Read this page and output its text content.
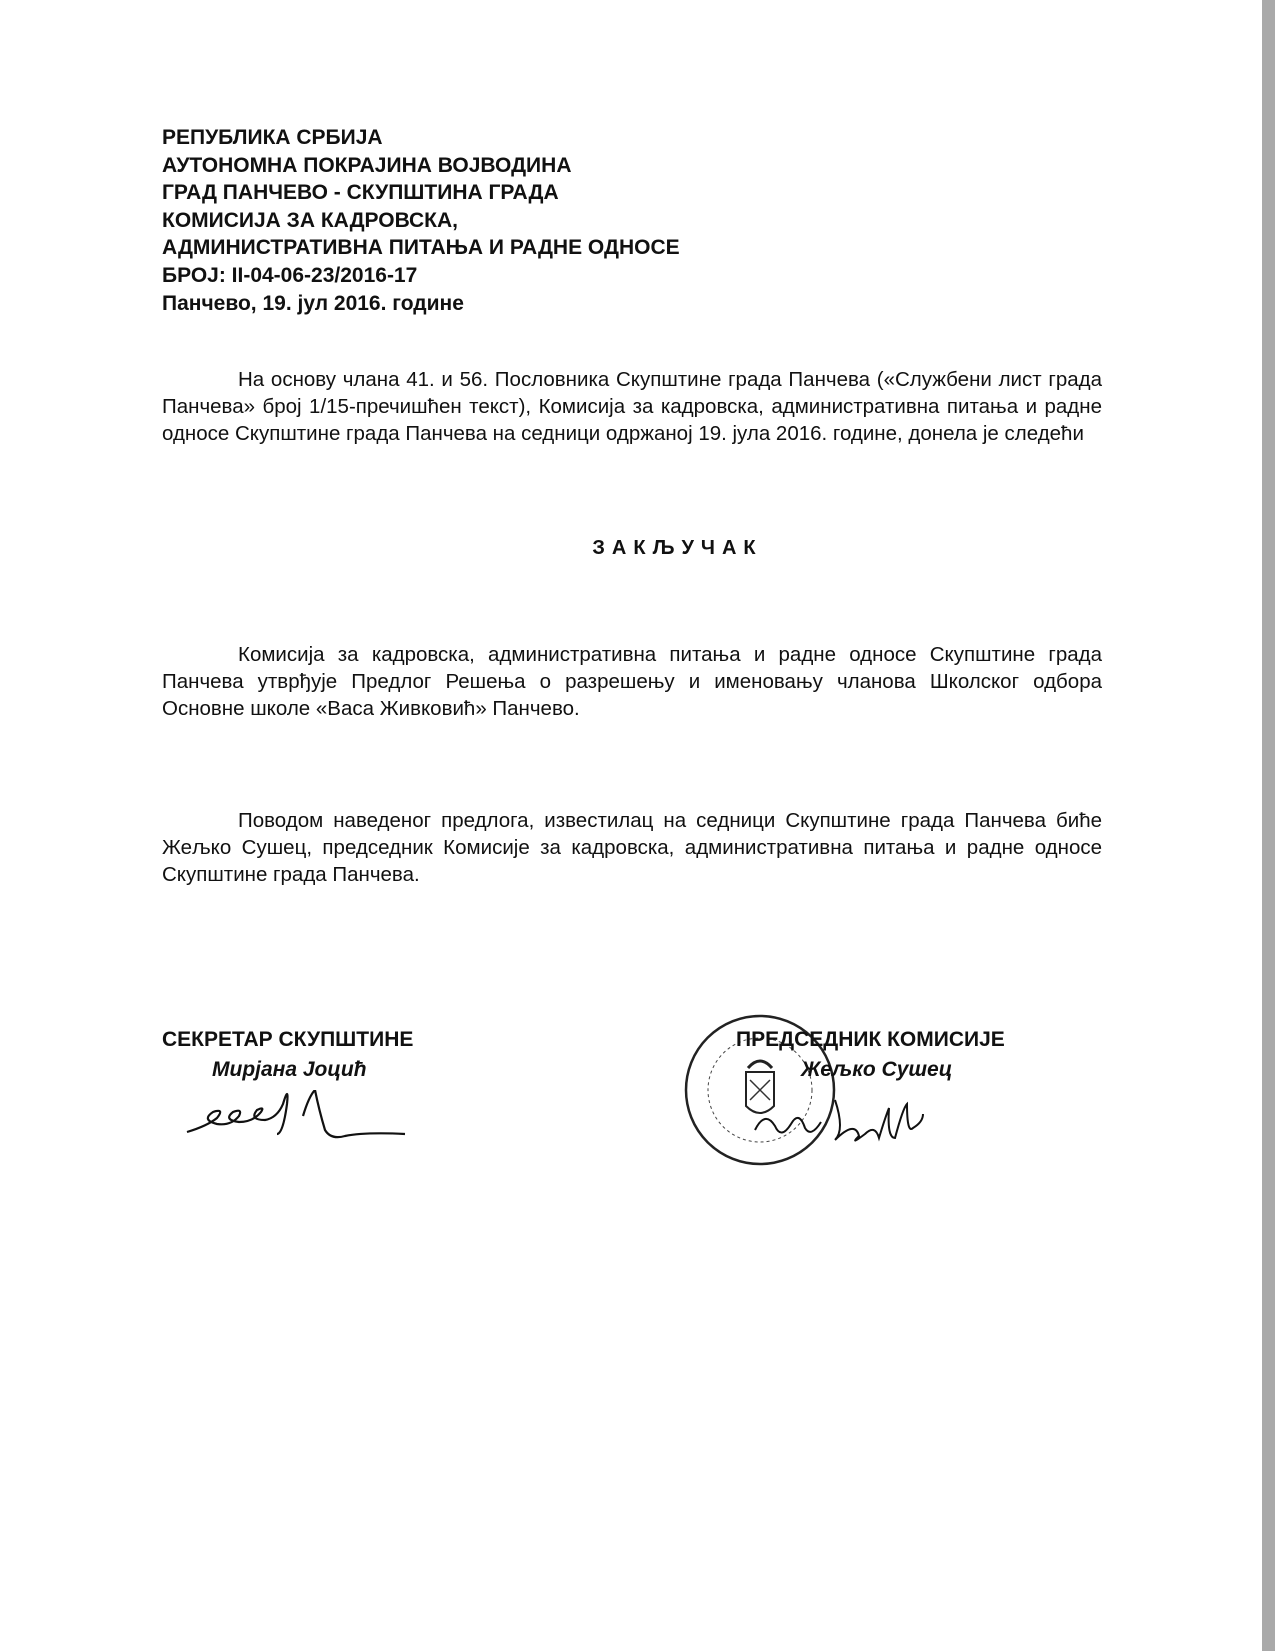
РЕПУБЛИКА СРБИЈА
АУТОНОМНА ПОКРАЈИНА ВОЈВОДИНА
ГРАД ПАНЧЕВО - СКУПШТИНА ГРАДА
КОМИСИЈА ЗА КАДРОВСКА,
АДМИНИСТРАТИВНА ПИТАЊА И РАДНЕ ОДНОСЕ
БРОЈ: II-04-06-23/2016-17
Панчево, 19. јул 2016. године
На основу члана 41. и 56. Пословника Скупштине града Панчева («Службени лист града Панчева» број 1/15-пречишћен текст), Комисија за кадровска, административна питања и радне односе Скупштине града Панчева на седници одржаној 19. јула 2016. године, донела је следећи
ЗАКЉУЧАК
Комисија за кадровска, административна питања и радне односе Скупштине града Панчева утврђује Предлог Решења о разрешењу и именовању чланова Школског одбора Основне школе «Васа Живковић» Панчево.
Поводом наведеног предлога, известилац на седници Скупштине града Панчева биће Жељко Сушец, председник Комисије за кадровска, административна питања и радне односе Скупштине града Панчева.
СЕКРЕТАР СКУПШТИНЕ
Мирјана Јоцић
ПРЕДСЕДНИК КОМИСИЈЕ
Жељко Сушец
